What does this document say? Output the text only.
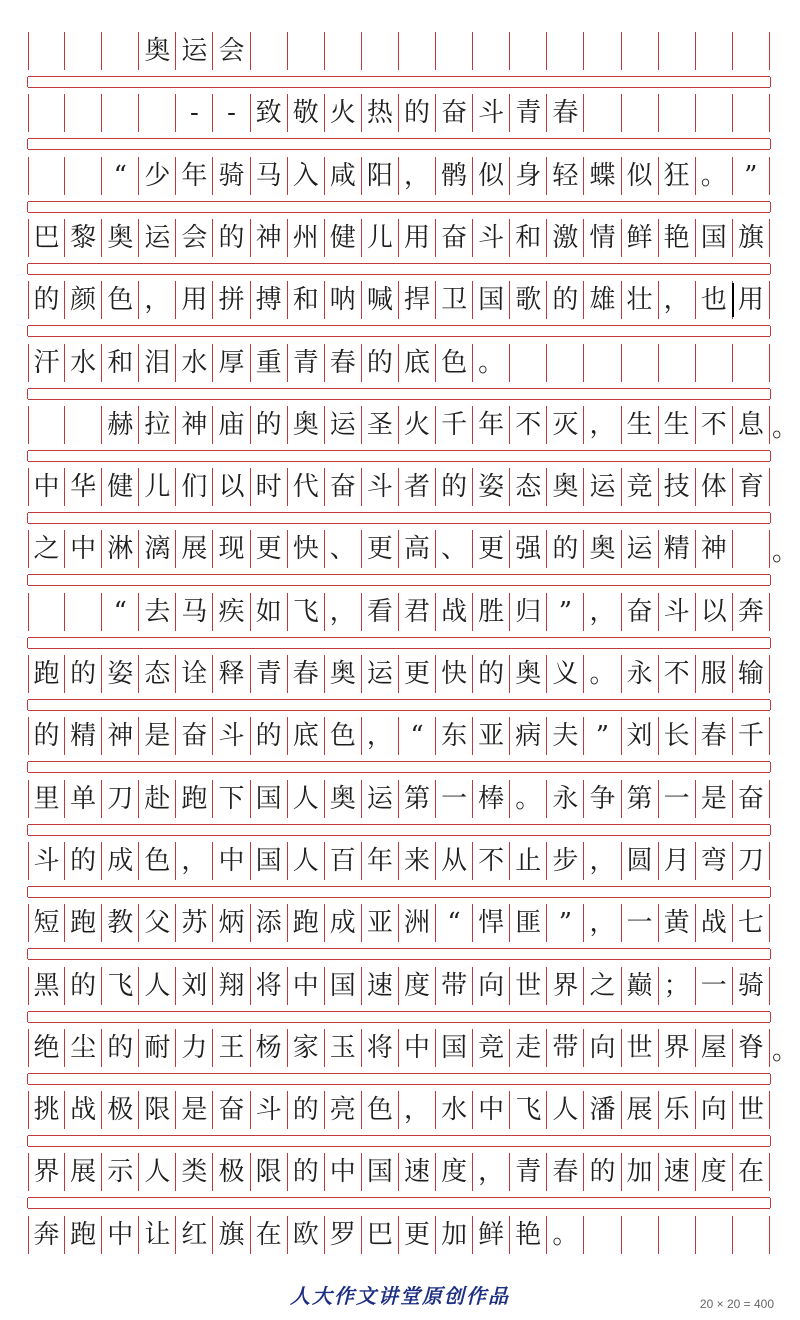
奥 运 会
-	- 致 敬 火 热 的 奋 斗 青 春
“ 少 年 骑 马 入 咸 阳 ， 鹘 似 身 轻 蝶 似 狂 。 ”
巴 黎 奥 运 会 的 神 州 健 儿 用 奋 斗 和 激 情 鲜 艳 国 旗
的 颜 色 ， 用 拼 搏 和 呐 喊 捍 卫 国 歌 的 雄 壮 ， 也 用
汗 水 和 泪 水 厚 重 青 春 的 底 色 。
赫 拉 神 庙 的 奥 运 圣 火 千 年 不 灭 ， 生 生 不 息
中 华 健 儿 们 以 时 代 奋 斗 者 的 姿 态 奥 运 竞 技 体 育
之 中 淋 漓 展 现 更 快 、 更 高 、 更 强 的 奥 运 精 神
“ 去 马 疾 如 飞 ， 看 君 战 胜 归 ” ， 奋 斗 以 奔
跑 的 姿 态 诠 释 青 春 奥 运 更 快 的 奥 义 。 永 不 服 输
的 精 神 是 奋 斗 的 底 色 ， “ 东 亚 病 夫 ” 刘 长 春 千
里 单 刀 赴 跑 下 国 人 奥 运 第 一 棒 。 永 争 第 一 是 奋
斗 的 成 色 ， 中 国 人 百 年 来 从 不 止 步 ， 圆 月 弯 刀
短 跑 教 父 苏 炳 添 跑 成 亚 洲 “ 悍 匪 ” ， 一 黄 战 七
黑 的 飞 人 刘 翔 将 中 国 速 度 带 向 世 界 之 巅 ； 一 骑
绝 尘 的 耐 力 王 杨 家 玉 将 中 国 竞 走 带 向 世 界 屋 脊
挑 战 极 限 是 奋 斗 的 亮 色 ， 水 中 飞 人 潘 展 乐 向 世
界 展 示 人 类 极 限 的 中 国 速 度 ， 青 春 的 加 速 度 在
奔 跑 中 让 红 旗 在 欧 罗 巴 更 加 鲜 艳 。
。
。
。
人大作文讲堂原创作品	20 × 20 = 400
